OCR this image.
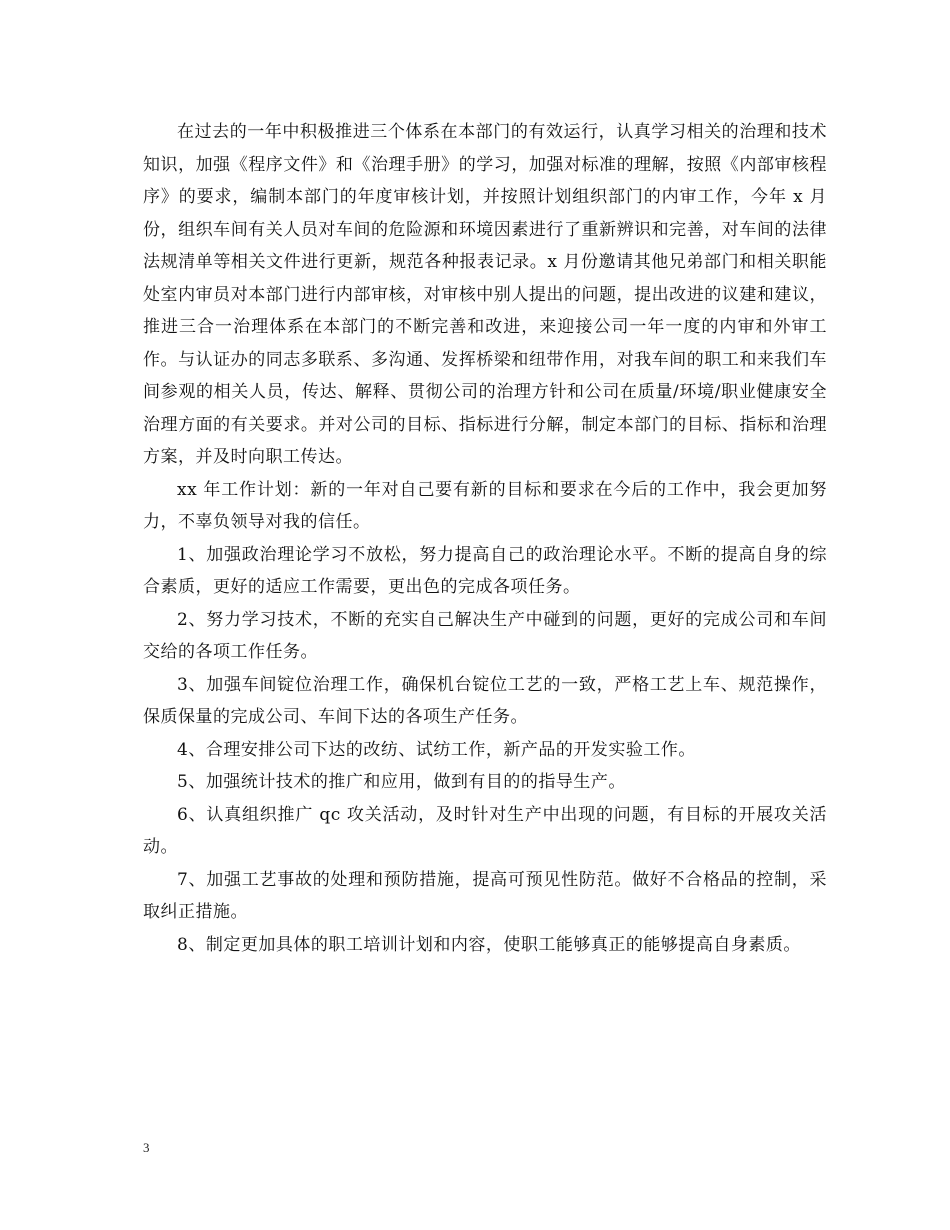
在过去的一年中积极推进三个体系在本部门的有效运行，认真学习相关的治理和技术知识，加强《程序文件》和《治理手册》的学习，加强对标准的理解，按照《内部审核程序》的要求，编制本部门的年度审核计划，并按照计划组织部门的内审工作，今年 x 月份，组织车间有关人员对车间的危险源和环境因素进行了重新辨识和完善，对车间的法律法规清单等相关文件进行更新，规范各种报表记录。x 月份邀请其他兄弟部门和相关职能处室内审员对本部门进行内部审核，对审核中别人提出的问题，提出改进的议建和建议，推进三合一治理体系在本部门的不断完善和改进，来迎接公司一年一度的内审和外审工作。与认证办的同志多联系、多沟通、发挥桥梁和纽带作用，对我车间的职工和来我们车间参观的相关人员，传达、解释、贯彻公司的治理方针和公司在质量/环境/职业健康安全治理方面的有关要求。并对公司的目标、指标进行分解，制定本部门的目标、指标和治理方案，并及时向职工传达。

xx 年工作计划：新的一年对自己要有新的目标和要求在今后的工作中，我会更加努力，不辜负领导对我的信任。

1、加强政治理论学习不放松，努力提高自己的政治理论水平。不断的提高自身的综合素质，更好的适应工作需要，更出色的完成各项任务。

2、努力学习技术，不断的充实自己解决生产中碰到的问题，更好的完成公司和车间交给的各项工作任务。

3、加强车间锭位治理工作，确保机台锭位工艺的一致，严格工艺上车、规范操作，保质保量的完成公司、车间下达的各项生产任务。

4、合理安排公司下达的改纺、试纺工作，新产品的开发实验工作。

5、加强统计技术的推广和应用，做到有目的的指导生产。

6、认真组织推广 qc 攻关活动，及时针对生产中出现的问题，有目标的开展攻关活动。

7、加强工艺事故的处理和预防措施，提高可预见性防范。做好不合格品的控制，采取纠正措施。

8、制定更加具体的职工培训计划和内容，使职工能够真正的能够提高自身素质。

3
